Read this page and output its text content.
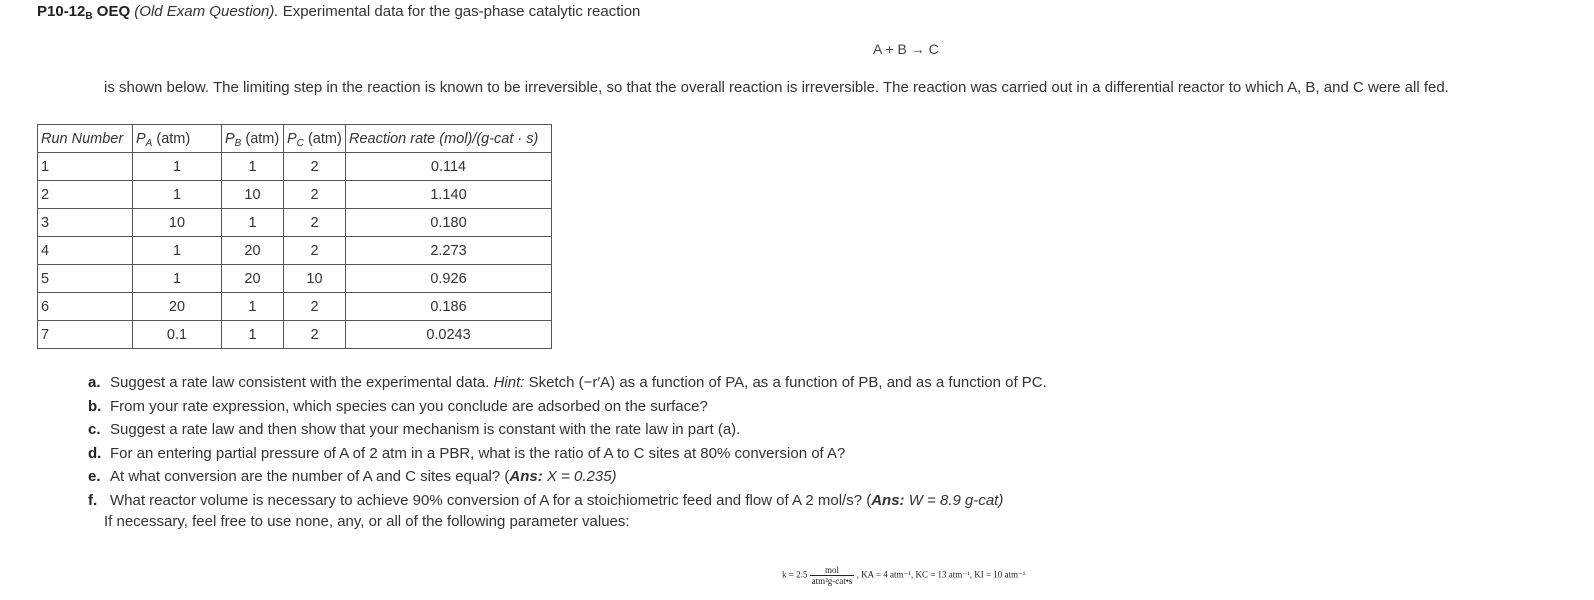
$P10-12_B$ OEQ (Old Exam Question). Experimental data for the gas-phase catalytic reaction
A + B → C
is shown below. The limiting step in the reaction is known to be irreversible, so that the overall reaction is irreversible. The reaction was carried out in a differential reactor to which A, B, and C were all fed.
Run Number	$P_A$ (atm)	$P_B$ (atm)	$P_C$ (atm)	Reaction rate (mol)/(g-cat · s)
1	1	1	2	0.114
2	1	10	2	1.140
3	10	1	2	0.180
4	1	20	2	2.273
5	1	20	10	0.926
6	20	1	2	0.186
7	0.1	1	2	0.0243
a. Suggest a rate law consistent with the experimental data. Hint: Sketch (−r′A) as a function of PA, as a function of PB, and as a function of PC.
b. From your rate expression, which species can you conclude are adsorbed on the surface?
c. Suggest a rate law and then show that your mechanism is constant with the rate law in part (a).
d. For an entering partial pressure of A of 2 atm in a PBR, what is the ratio of A to C sites at 80% conversion of A?
e. At what conversion are the number of A and C sites equal? (Ans: X = 0.235)
f. What reactor volume is necessary to achieve 90% conversion of A for a stoichiometric feed and flow of A 2 mol/s? (Ans: W = 8.9 g-cat)
If necessary, feel free to use none, any, or all of the following parameter values:
$k = 2.5 \frac{\text{mol}}{\text{atm²g-cat•s}}$ , KA = 4 atm⁻¹, KC = 13 atm⁻¹, KI = 10 atm⁻¹
